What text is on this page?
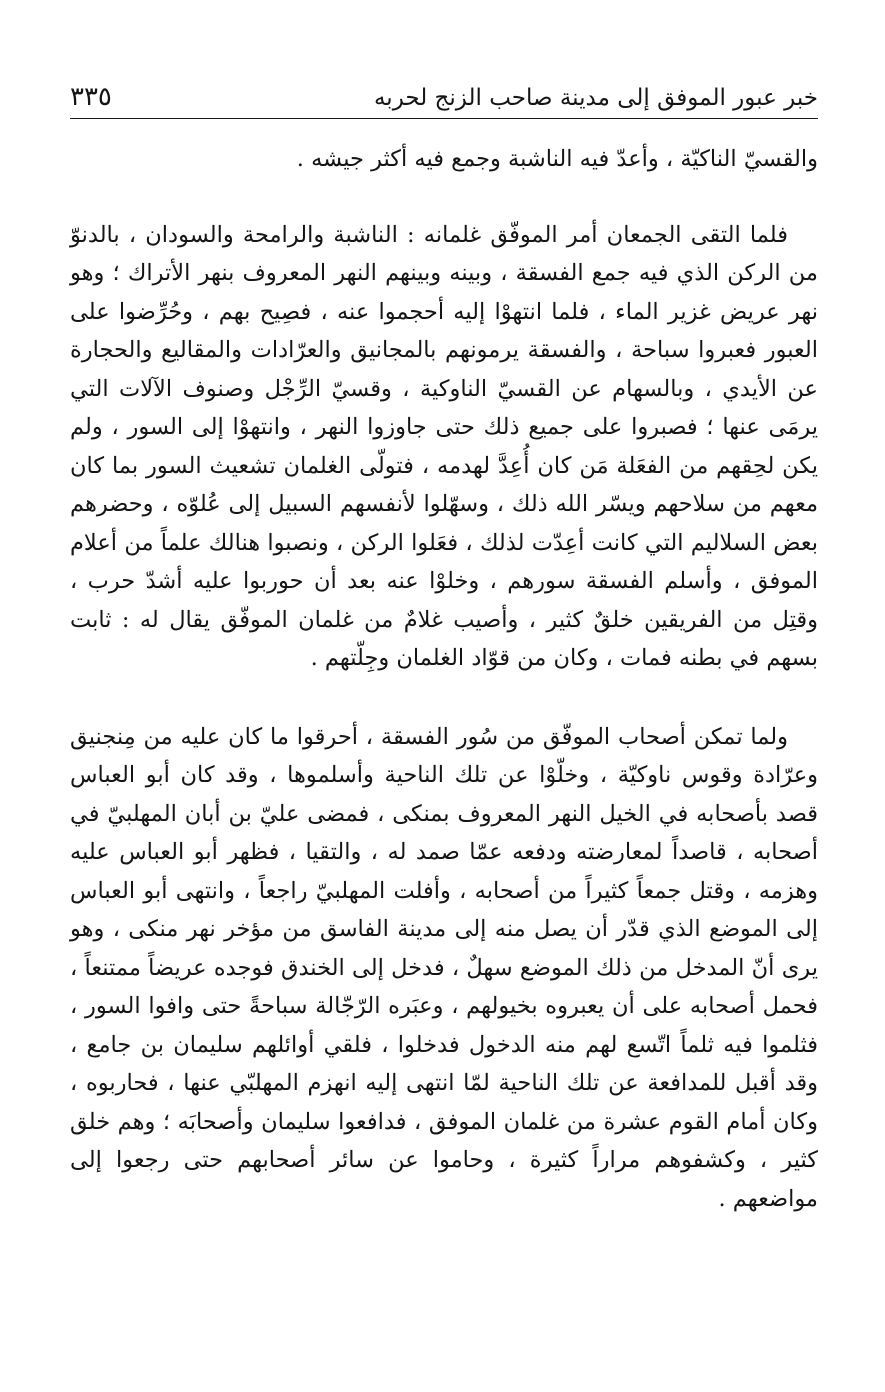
خبر عبور الموفق إلى مدينة صاحب الزنج لحربه
٣٣٥

والقسيّ الناكيّة ، وأعدّ فيه الناشبة وجمع فيه أكثر جيشه .

فلما التقى الجمعان أمر الموفّق غلمانه : الناشبة والرامحة والسودان ، بالدنوّ من الركن الذي فيه جمع الفسقة ، وبينه وبينهم النهر المعروف بنهر الأتراك ؛ وهو نهر عريض غزير الماء ، فلما انتهوْا إليه أحجموا عنه ، فصِيح بهم ، وحُرِّضوا على العبور فعبروا سباحة ، والفسقة يرمونهم بالمجانيق والعرّادات والمقاليع والحجارة عن الأيدي ، وبالسهام عن القسيّ الناوكية ، وقسيّ الرِّجْل وصنوف الآلات التي يرمَى عنها ؛ فصبروا على جميع ذلك حتى جاوزوا النهر ، وانتهوْا إلى السور ، ولم يكن لحِقهم من الفعَلة مَن كان أُعِدَّ لهدمه ، فتولّى الغلمان تشعيث السور بما كان معهم من سلاحهم ويسّر الله ذلك ، وسهّلوا لأنفسهم السبيل إلى عُلوّه ، وحضرهم بعض السلاليم التي كانت أعِدّت لذلك ، فعَلوا الركن ، ونصبوا هنالك علماً من أعلام الموفق ، وأسلم الفسقة سورهم ، وخلوْا عنه بعد أن حوربوا عليه أشدّ حرب ، وقتِل من الفريقين خلقٌ كثير ، وأصيب غلامٌ من غلمان الموفّق يقال له : ثابت بسهم في بطنه فمات ، وكان من قوّاد الغلمان وجِلّتهم .

ولما تمكن أصحاب الموفّق من سُور الفسقة ، أحرقوا ما كان عليه من مِنجنيق وعرّادة وقوس ناوكيّة ، وخلّوْا عن تلك الناحية وأسلموها ، وقد كان أبو العباس قصد بأصحابه في الخيل النهر المعروف بمنكى ، فمضى عليّ بن أبان المهلبيّ في أصحابه ، قاصداً لمعارضته ودفعه عمّا صمد له ، والتقيا ، فظهر أبو العباس عليه وهزمه ، وقتل جمعاً كثيراً من أصحابه ، وأفلت المهلبيّ راجعاً ، وانتهى أبو العباس إلى الموضع الذي قدّر أن يصل منه إلى مدينة الفاسق من مؤخر نهر منكى ، وهو يرى أنّ المدخل من ذلك الموضع سهلٌ ، فدخل إلى الخندق فوجده عريضاً ممتنعاً ، فحمل أصحابه على أن يعبروه بخيولهم ، وعبَره الرّجّالة سباحةً حتى وافوا السور ، فثلموا فيه ثلماً اتّسع لهم منه الدخول فدخلوا ، فلقي أوائلهم سليمان بن جامع ، وقد أقبل للمدافعة عن تلك الناحية لمّا انتهى إليه انهزم المهلبّي عنها ، فحاربوه ، وكان أمام القوم عشرة من غلمان الموفق ، فدافعوا سليمان وأصحابَه ؛ وهم خلق كثير ، وكشفوهم مراراً كثيرة ، وحاموا عن سائر أصحابهم حتى رجعوا إلى مواضعهم .
